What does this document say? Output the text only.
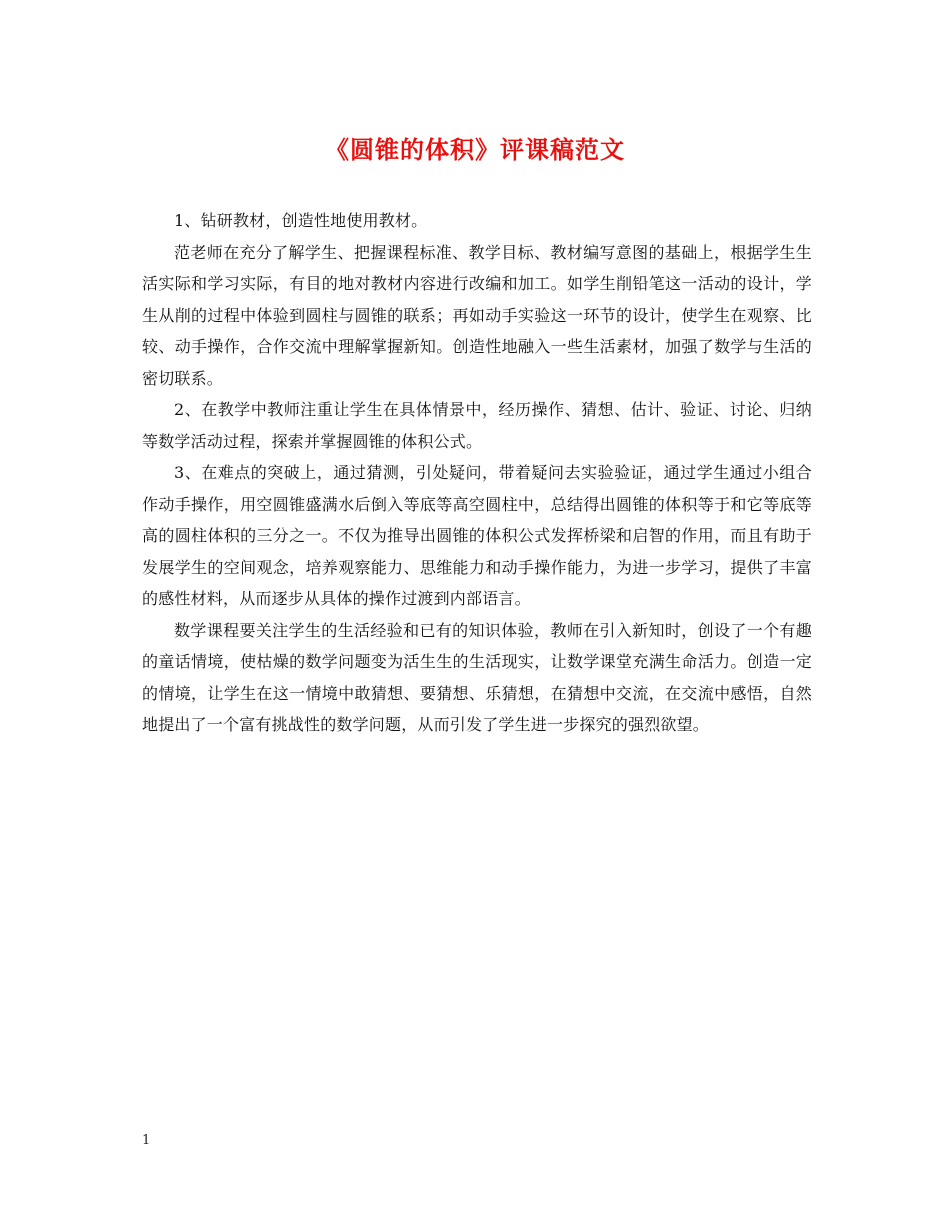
《圆锥的体积》评课稿范文

1、钻研教材，创造性地使用教材。

范老师在充分了解学生、把握课程标准、教学目标、教材编写意图的基础上，根据学生生活实际和学习实际，有目的地对教材内容进行改编和加工。如学生削铅笔这一活动的设计，学生从削的过程中体验到圆柱与圆锥的联系；再如动手实验这一环节的设计，使学生在观察、比较、动手操作，合作交流中理解掌握新知。创造性地融入一些生活素材，加强了数学与生活的密切联系。

2、在教学中教师注重让学生在具体情景中，经历操作、猜想、估计、验证、讨论、归纳等数学活动过程，探索并掌握圆锥的体积公式。

3、在难点的突破上，通过猜测，引处疑问，带着疑问去实验验证，通过学生通过小组合作动手操作，用空圆锥盛满水后倒入等底等高空圆柱中，总结得出圆锥的体积等于和它等底等高的圆柱体积的三分之一。不仅为推导出圆锥的体积公式发挥桥梁和启智的作用，而且有助于发展学生的空间观念，培养观察能力、思维能力和动手操作能力，为进一步学习，提供了丰富的感性材料，从而逐步从具体的操作过渡到内部语言。

数学课程要关注学生的生活经验和已有的知识体验，教师在引入新知时，创设了一个有趣的童话情境，使枯燥的数学问题变为活生生的生活现实，让数学课堂充满生命活力。创造一定的情境，让学生在这一情境中敢猜想、要猜想、乐猜想，在猜想中交流，在交流中感悟，自然地提出了一个富有挑战性的数学问题，从而引发了学生进一步探究的强烈欲望。

1
